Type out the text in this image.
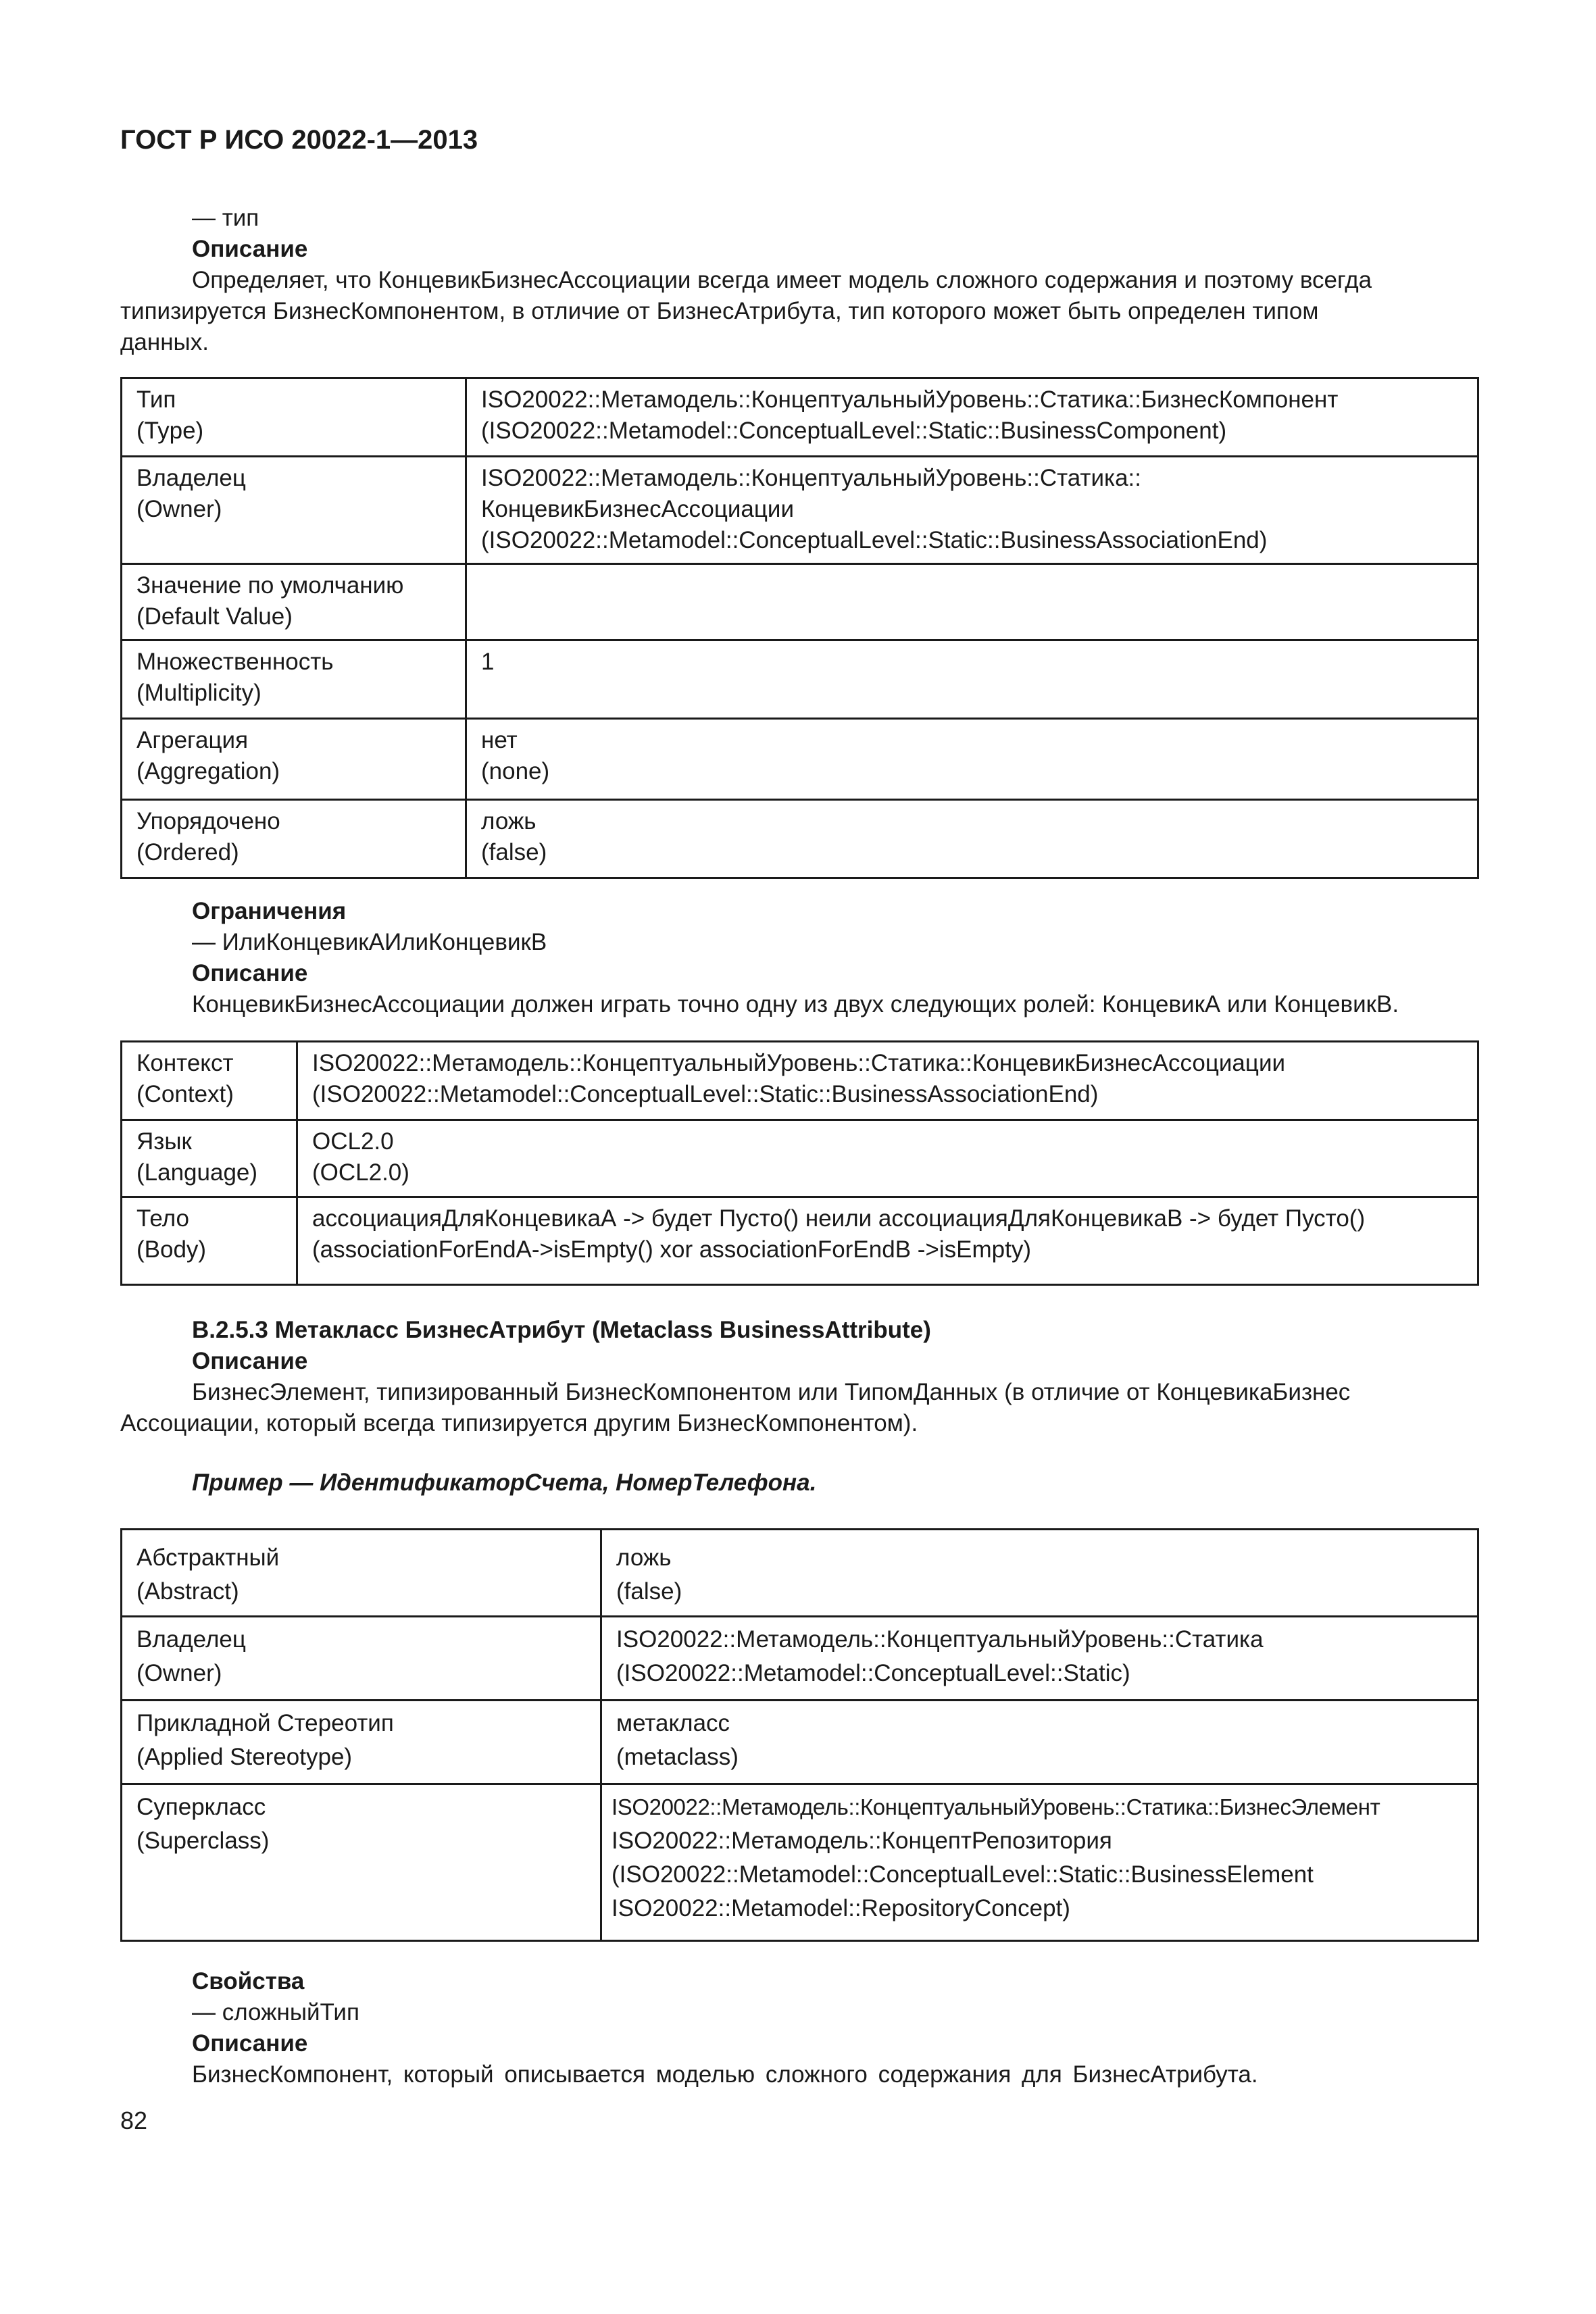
ГОСТ Р ИСО 20022-1—2013
— тип
Описание
Определяет, что КонцевикБизнесАссоциации всегда имеет модель сложного содержания и поэтому всегда
типизируется БизнесКомпонентом, в отличие от БизнесАтрибута, тип которого может быть определен типом
данных.
Тип
(Type)	ISO20022::Метамодель::КонцептуальныйУровень::Статика::БизнесКомпонент
(ISO20022::Metamodel::ConceptualLevel::Static::BusinessComponent)

Владелец
(Owner)	ISO20022::Метамодель::КонцептуальныйУровень::Статика::
КонцевикБизнесАссоциации
(ISO20022::Metamodel::ConceptualLevel::Static::BusinessAssociationEnd)

Значение по умолчанию
(Default Value)	

Множественность
(Multiplicity)	1

Агрегация
(Aggregation)	нет
(none)

Упорядочено
(Ordered)	ложь
(false)
Ограничения
— ИлиКонцевикАИлиКонцевикВ
Описание
КонцевикБизнесАссоциации должен играть точно одну из двух следующих ролей: КонцевикА или КонцевикВ.
Контекст
(Context)	ISO20022::Метамодель::КонцептуальныйУровень::Статика::КонцевикБизнесАссоциации
(ISO20022::Metamodel::ConceptualLevel::Static::BusinessAssociationEnd)

Язык
(Language)	OCL2.0
(OCL2.0)

Тело
(Body)	ассоциацияДляКонцевикаА -> будет Пусто() неили ассоциацияДляКонцевикаВ -> будет Пусто()
(associationForEndA->isEmpty() xor associationForEndB ->isEmpty)
B.2.5.3 Метакласс БизнесАтрибут (Metaclass BusinessAttribute)
Описание
БизнесЭлемент, типизированный БизнесКомпонентом или ТипомДанных (в отличие от КонцевикаБизнес
Ассоциации, который всегда типизируется другим БизнесКомпонентом).
Пример — ИдентификаторСчета, НомерТелефона.
Абстрактный
(Abstract)	ложь
(false)

Владелец
(Owner)	ISO20022::Метамодель::КонцептуальныйУровень::Статика
(ISO20022::Metamodel::ConceptualLevel::Static)

Прикладной Стереотип
(Applied Stereotype)	метакласс
(metaclass)

Суперкласс
(Superclass)	ISO20022::Метамодель::КонцептуальныйУровень::Статика::БизнесЭлемент
ISO20022::Метамодель::КонцептРепозитория
(ISO20022::Metamodel::ConceptualLevel::Static::BusinessElement
ISO20022::Metamodel::RepositoryConcept)
Свойства
— сложныйТип
Описание
БизнесКомпонент, который описывается моделью сложного содержания для БизнесАтрибута.
82
